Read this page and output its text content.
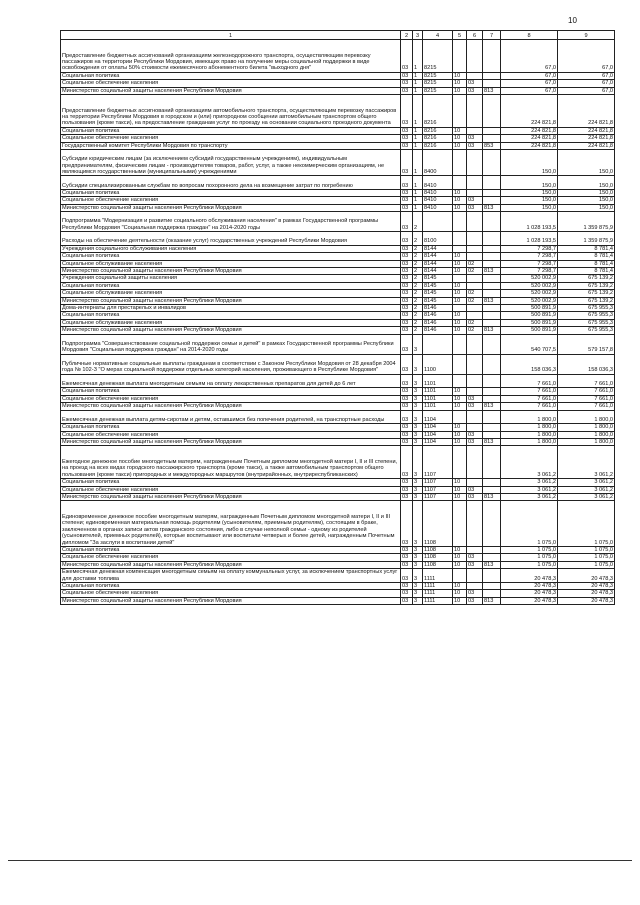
10
1	2	3	4	5	6	7	8	9
Предоставление бюджетных ассигнований организациям железнодорожного транспорта, осуществляющим перевозку пассажиров на территории Республики Мордовия, имеющих право на получение меры социальной поддержки в виде освобождения от оплаты 50% стоимости ежемесячного абонементного билета "выходного дня"	03	1	8215				67,0	67,0
Социальная политика	03	1	8215	10			67,0	67,0
Социальное обеспечение населения	03	1	8215	10	03		67,0	67,0
Министерство социальной защиты населения Республики Мордовия	03	1	8215	10	03	813	67,0	67,0
Предоставление бюджетных ассигнований организациям автомобильного транспорта, осуществляющим перевозку пассажиров на территории Республики Мордовия в городском и (или) пригородном сообщении автомобильным транспортом общего пользования (кроме такси), на предоставление гражданам услуг по проезду на основании социального проездного документа	03	1	8216				224 821,8	224 821,8
Социальная политика	03	1	8216	10			224 821,8	224 821,8
Социальное обеспечение населения	03	1	8216	10	03		224 821,8	224 821,8
Государственный комитет Республики Мордовия по транспорту	03	1	8216	10	03	853	224 821,8	224 821,8
Субсидии юридическим лицам (за исключением субсидий государственным учреждениям), индивидуальным предпринимателям, физическим лицам - производителям товаров, работ, услуг, а также некоммерческим организациям, не являющимся государственными (муниципальными) учреждениями	03	1	8400				150,0	150,0
Субсидии специализированным службам по вопросам похоронного дела на возмещение затрат по погребению	03	1	8410				150,0	150,0
Социальная политика	03	1	8410	10			150,0	150,0
Социальное обеспечение населения	03	1	8410	10	03		150,0	150,0
Министерство социальной защиты населения Республики Мордовия	03	1	8410	10	03	813	150,0	150,0
Подпрограмма "Модернизация и развитие социального обслуживания населения" в рамках Государственной программы Республики Мордовия "Социальная поддержка граждан" на 2014-2020 годы	03	2					1 028 193,5	1 359 875,9
Расходы на обеспечение деятельности (оказание услуг) государственных учреждений Республики Мордовия	03	2	8100				1 028 193,5	1 359 875,9
Учреждения социального обслуживания населения	03	2	8144				7 298,7	8 781,4
Социальная политика	03	2	8144	10			7 298,7	8 781,4
Социальное обслуживание населения	03	2	8144	10	02		7 298,7	8 781,4
Министерство социальной защиты населения Республики Мордовия	03	2	8144	10	02	813	7 298,7	8 781,4
Учреждения социальной защиты населения	03	2	8145				520 002,9	675 139,2
Социальная политика	03	2	8145	10			520 002,9	675 139,2
Социальное обслуживание населения	03	2	8145	10	02		520 002,9	675 139,2
Министерство социальной защиты населения Республики Мордовия	03	2	8145	10	02	813	520 002,9	675 139,2
Дома-интернаты для престарелых и инвалидов	03	2	8146				500 891,9	675 955,3
Социальная политика	03	2	8146	10			500 891,9	675 955,3
Социальное обслуживание населения	03	2	8146	10	02		500 891,9	675 955,3
Министерство социальной защиты населения Республики Мордовия	03	2	8146	10	02	813	500 891,9	675 955,3
Подпрограмма "Совершенствование социальной поддержки семьи и детей" в рамках Государственной программы Республики Мордовия "Социальная поддержка граждан" на 2014-2020 годы	03	3					540 707,5	579 157,8
Публичные нормативные социальные выплаты гражданам в соответствии с Законом Республики Мордовия от 28 декабря 2004 года № 102-З "О мерах социальной поддержки отдельных категорий населения, проживающего в Республике Мордовия"	03	3	1100				158 036,3	158 036,3
Ежемесячная денежная выплата многодетным семьям на оплату лекарственных препаратов для детей до 6 лет	03	3	1101				7 661,0	7 661,0
Социальная политика	03	3	1101	10			7 661,0	7 661,0
Социальное обеспечение населения	03	3	1101	10	03		7 661,0	7 661,0
Министерство социальной защиты населения Республики Мордовия	03	3	1101	10	03	813	7 661,0	7 661,0
Ежемесячная денежная выплата детям-сиротам и детям, оставшимся без попечения родителей, на транспортные расходы	03	3	1104				1 800,0	1 800,0
Социальная политика	03	3	1104	10			1 800,0	1 800,0
Социальное обеспечение населения	03	3	1104	10	03		1 800,0	1 800,0
Министерство социальной защиты населения Республики Мордовия	03	3	1104	10	03	813	1 800,0	1 800,0
Ежегодное денежное пособие многодетным матерям, награжденным Почетным дипломом многодетной матери I, II и III степени, на проезд на всех видах городского пассажирского транспорта (кроме такси), а также автомобильным транспортом общего пользования (кроме такси) пригородных и междугородных маршрутов (внутрирайонных, внутриреспубликанских)	03	3	1107				3 061,2	3 061,2
Социальная политика	03	3	1107	10			3 061,2	3 061,2
Социальное обеспечение населения	03	3	1107	10	03		3 061,2	3 061,2
Министерство социальной защиты населения Республики Мордовия	03	3	1107	10	03	813	3 061,2	3 061,2
Единовременное денежное пособие многодетным матерям, награжденным Почетным дипломом многодетной матери I, II и III степени; единовременная материальная помощь родителям (усыновителям, приемным родителям), состоящим в браке, заключенном в органах записи актов гражданского состояния, либо в случае неполной семьи - одному из родителей (усыновителей, приемных родителей), которые воспитывают или воспитали четверых и более детей, награжденным Почетным дипломом "За заслуги в воспитании детей"	03	3	1108				1 075,0	1 075,0
Социальная политика	03	3	1108	10			1 075,0	1 075,0
Социальное обеспечение населения	03	3	1108	10	03		1 075,0	1 075,0
Министерство социальной защиты населения Республики Мордовия	03	3	1108	10	03	813	1 075,0	1 075,0
Ежемесячная денежная компенсация многодетным семьям на оплату коммунальных услуг, за исключением транспортных услуг для доставки топлива	03	3	1111				20 478,3	20 478,3
Социальная политика	03	3	1111	10			20 478,3	20 478,3
Социальное обеспечение населения	03	3	1111	10	03		20 478,3	20 478,3
Министерство социальной защиты населения Республики Мордовия	03	3	1111	10	03	813	20 478,3	20 478,3
